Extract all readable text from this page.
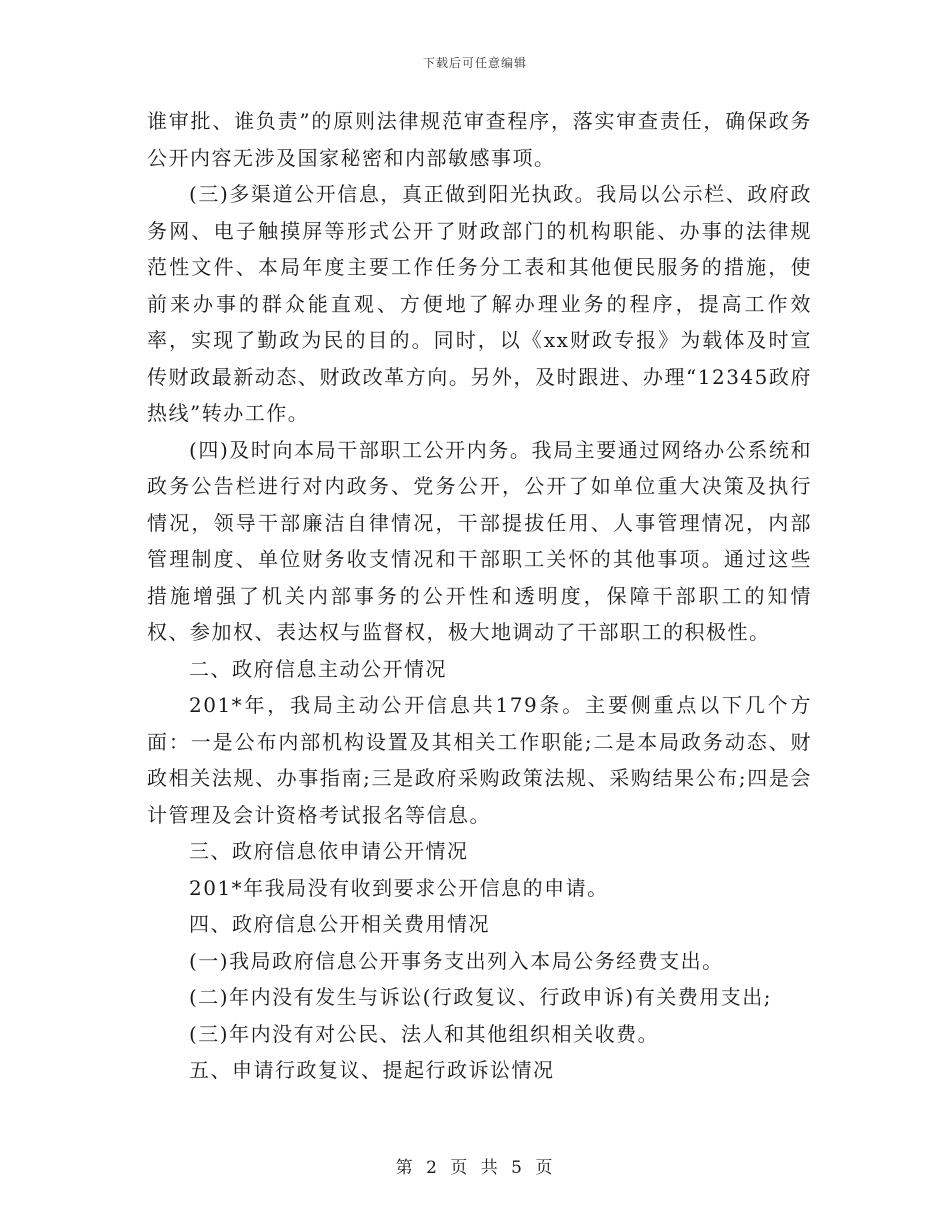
下载后可任意编辑

谁审批、谁负责”的原则法律规范审查程序，落实审查责任，确保政务公开内容无涉及国家秘密和内部敏感事项。

(三)多渠道公开信息，真正做到阳光执政。我局以公示栏、政府政务网、电子触摸屏等形式公开了财政部门的机构职能、办事的法律规范性文件、本局年度主要工作任务分工表和其他便民服务的措施，使前来办事的群众能直观、方便地了解办理业务的程序，提高工作效率，实现了勤政为民的目的。同时，以《xx财政专报》为载体及时宣传财政最新动态、财政改革方向。另外，及时跟进、办理“12345政府热线”转办工作。

(四)及时向本局干部职工公开内务。我局主要通过网络办公系统和政务公告栏进行对内政务、党务公开，公开了如单位重大决策及执行情况，领导干部廉洁自律情况，干部提拔任用、人事管理情况，内部管理制度、单位财务收支情况和干部职工关怀的其他事项。通过这些措施增强了机关内部事务的公开性和透明度，保障干部职工的知情权、参加权、表达权与监督权，极大地调动了干部职工的积极性。

二、政府信息主动公开情况

201*年，我局主动公开信息共179条。主要侧重点以下几个方面：一是公布内部机构设置及其相关工作职能;二是本局政务动态、财政相关法规、办事指南;三是政府采购政策法规、采购结果公布;四是会计管理及会计资格考试报名等信息。

三、政府信息依申请公开情况

201*年我局没有收到要求公开信息的申请。

四、政府信息公开相关费用情况

(一)我局政府信息公开事务支出列入本局公务经费支出。

(二)年内没有发生与诉讼(行政复议、行政申诉)有关费用支出;

(三)年内没有对公民、法人和其他组织相关收费。

五、申请行政复议、提起行政诉讼情况

第 2 页 共 5 页
